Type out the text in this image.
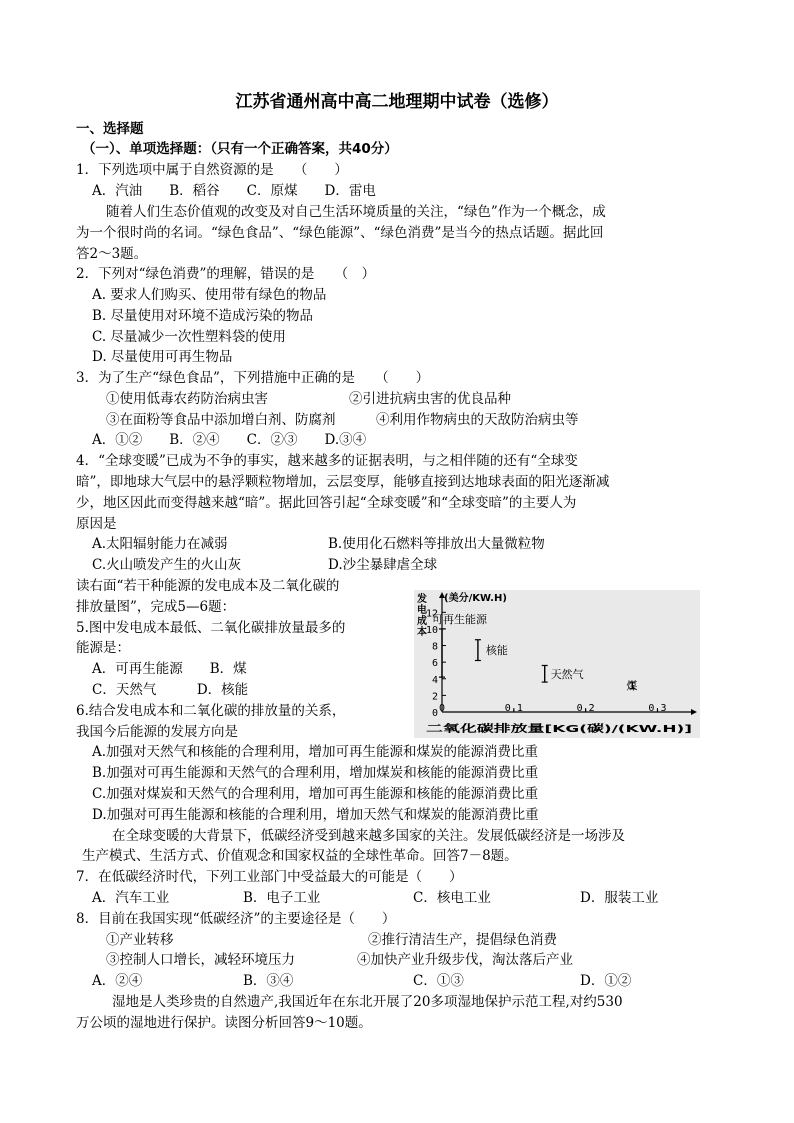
江苏省通州高中高二地理期中试卷（选修）
一、选择题
（一）、单项选择题：（只有一个正确答案，共40分）
1．下列选项中属于自然资源的是　　（　　）
A．汽油　　B．稻谷　　C．原煤　　D．雷电
随着人们生态价值观的改变及对自己生活环境质量的关注，“绿色”作为一个概念，成
为一个很时尚的名词。“绿色食品”、“绿色能源”、“绿色消费”是当今的热点话题。据此回
答2～3题。
2．下列对“绿色消费”的理解，错误的是　　（　）
A. 要求人们购买、使用带有绿色的物品
B. 尽量使用对环境不造成污染的物品
C. 尽量减少一次性塑料袋的使用
D. 尽量使用可再生物品
3．为了生产“绿色食品”，下列措施中正确的是　　（　　）
①使用低毒农药防治病虫害　　　　　　②引进抗病虫害的优良品种
③在面粉等食品中添加增白剂、防腐剂　　　④利用作物病虫的天敌防治病虫等
A．①②　　B．②④　　C．②③　　D.③④
4．“全球变暖”已成为不争的事实，越来越多的证据表明，与之相伴随的还有“全球变
暗”，即地球大气层中的悬浮颗粒物增加，云层变厚，能够直接到达地球表面的阳光逐渐减
少，地区因此而变得越来越“暗”。据此回答引起“全球变暖”和“全球变暗”的主要人为
原因是
A.太阳辐射能力在减弱	B.使用化石燃料等排放出大量微粒物
C.火山喷发产生的火山灰	D.沙尘暴肆虐全球
读右面“若干种能源的发电成本及二氧化碳的
排放量图”，完成5—6题：
5.图中发电成本最低、二氧化碳排放量最多的
能源是：
A．可再生能源　　B．煤
C．天然气　　　D．核能
6.结合发电成本和二氧化碳的排放量的关系，
我国今后能源的发展方向是
A.加强对天然气和核能的合理利用，增加可再生能源和煤炭的能源消费比重
B.加强对可再生能源和天然气的合理利用，增加煤炭和核能的能源消费比重
C.加强对煤炭和天然气的合理利用，增加可再生能源和核能的能源消费比重
D.加强对可再生能源和核能的合理利用，增加天然气和煤炭的能源消费比重
在全球变暖的大背景下，低碳经济受到越来越多国家的关注。发展低碳经济是一场涉及
生产模式、生活方式、价值观念和国家权益的全球性革命。回答7－8题。
7．在低碳经济时代，下列工业部门中受益最大的可能是（　　）
A．汽车工业	B．电子工业	C．核电工业	D．服装工业
8．目前在我国实现“低碳经济”的主要途径是（　　）
①产业转移	②推行清洁生产，提倡绿色消费
③控制人口增长，减轻环境压力	④加快产业升级步伐，淘汰落后产业
A．②④	B．③④	C．①③	D．①②
湿地是人类珍贵的自然遗产,我国近年在东北开展了20多项湿地保护示范工程,对约530
万公顷的湿地进行保护。读图分析回答9～10题。
0
2
4
6
8
10
12
0	0.1	0.2	0.3
发
电
成
本
(美分/KW.H)
二氧化碳排放量[KG(碳)/(KW.H)]
可再生能源
核能
天然气
煤
